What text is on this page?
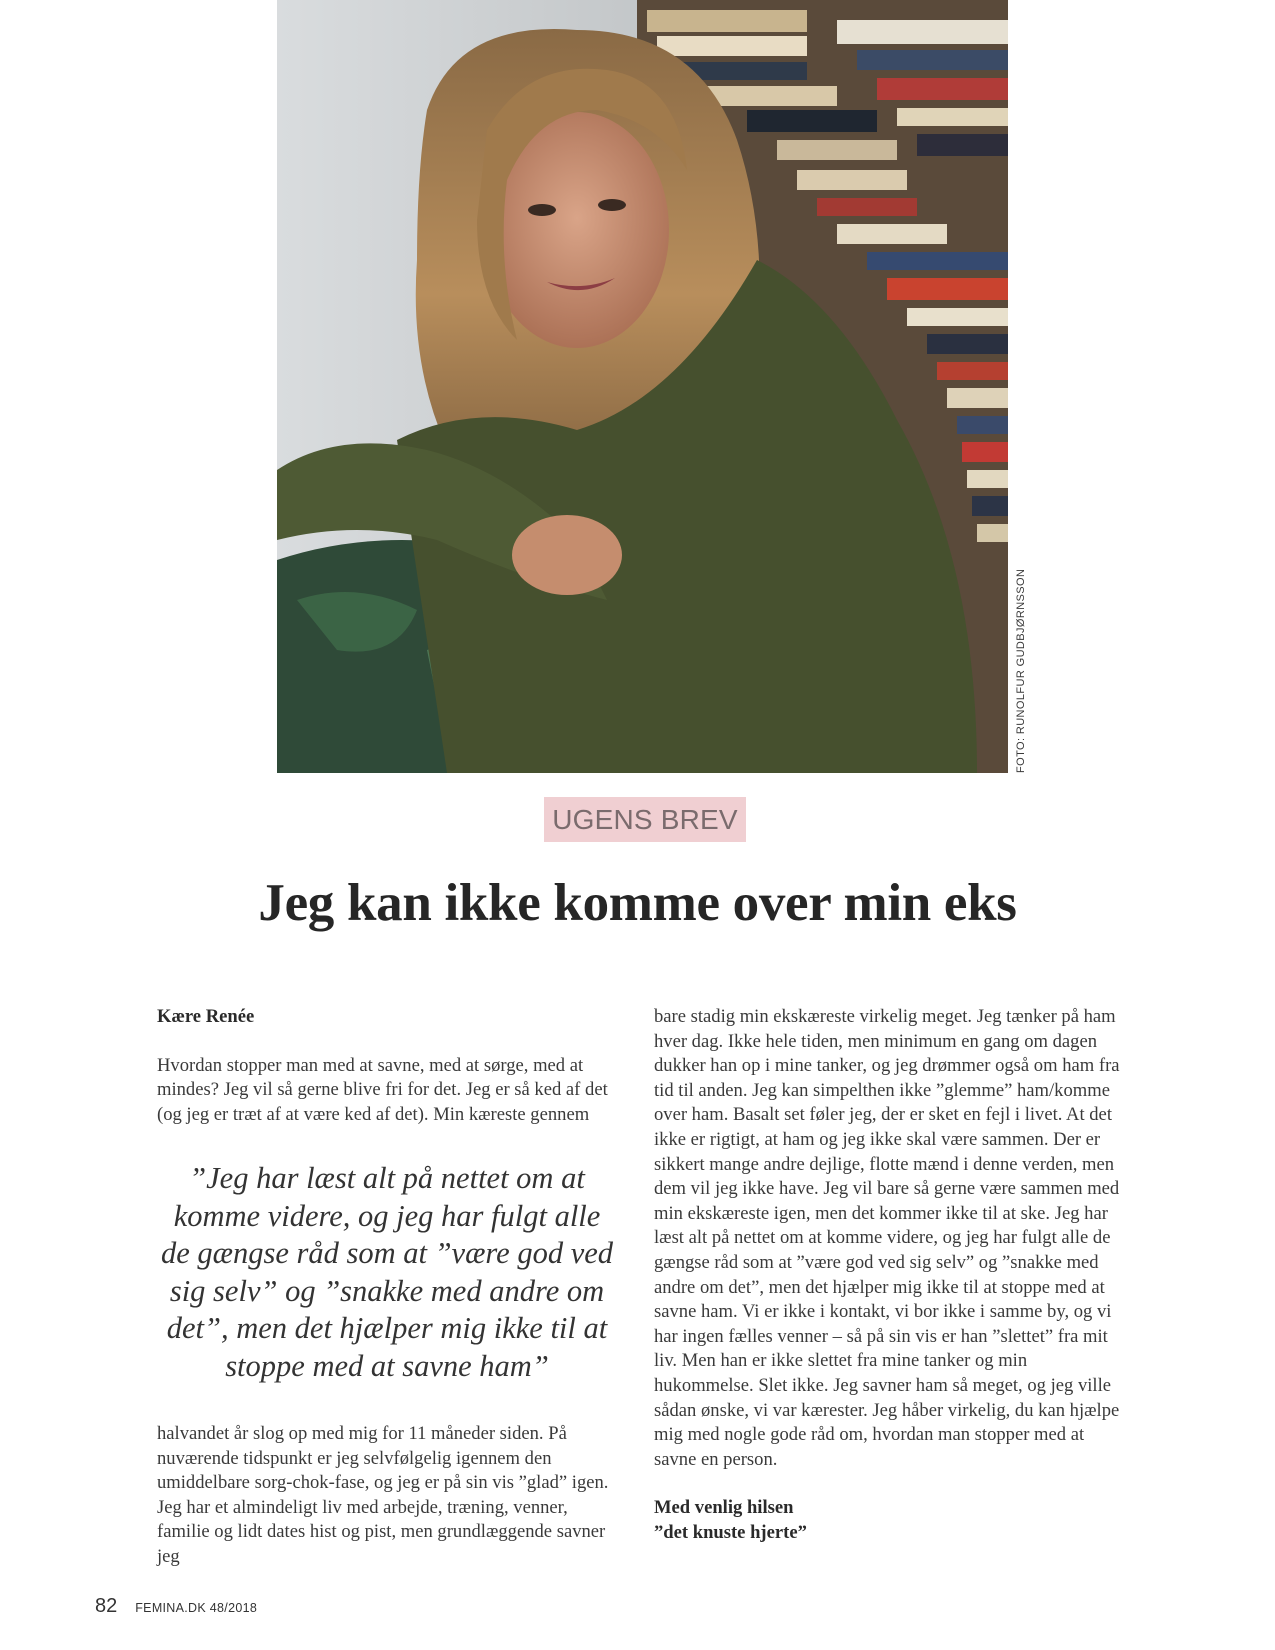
FOTO: RUNOLFUR GUDBJØRNSSON
UGENS BREV
Jeg kan ikke komme over min eks

Kære Renée

Hvordan stopper man med at savne, med at sørge, med at mindes? Jeg vil så gerne blive fri for det. Jeg er så ked af det (og jeg er træt af at være ked af det). Min kæreste gennem

”Jeg har læst alt på nettet om at komme videre, og jeg har fulgt alle de gængse råd som at ”være god ved sig selv” og ”snakke med andre om det”, men det hjælper mig ikke til at stoppe med at savne ham”

halvandet år slog op med mig for 11 måneder siden. På nuværende tidspunkt er jeg selvfølgelig igennem den umiddelbare sorg-chok-fase, og jeg er på sin vis ”glad” igen. Jeg har et almindeligt liv med arbejde, træning, venner, familie og lidt dates hist og pist, men grundlæggende savner jeg

bare stadig min ekskæreste virkelig meget. Jeg tænker på ham hver dag. Ikke hele tiden, men minimum en gang om dagen dukker han op i mine tanker, og jeg drømmer også om ham fra tid til anden. Jeg kan simpelthen ikke ”glemme” ham/komme over ham. Basalt set føler jeg, der er sket en fejl i livet. At det ikke er rigtigt, at ham og jeg ikke skal være sammen. Der er sikkert mange andre dejlige, flotte mænd i denne verden, men dem vil jeg ikke have. Jeg vil bare så gerne være sammen med min ekskæreste igen, men det kommer ikke til at ske. Jeg har læst alt på nettet om at komme videre, og jeg har fulgt alle de gængse råd som at ”være god ved sig selv” og ”snakke med andre om det”, men det hjælper mig ikke til at stoppe med at savne ham. Vi er ikke i kontakt, vi bor ikke i samme by, og vi har ingen fælles venner – så på sin vis er han ”slettet” fra mit liv. Men han er ikke slettet fra mine tanker og min hukommelse. Slet ikke. Jeg savner ham så meget, og jeg ville sådan ønske, vi var kærester. Jeg håber virkelig, du kan hjælpe mig med nogle gode råd om, hvordan man stopper med at savne en person.

Med venlig hilsen
”det knuste hjerte”

82 FEMINA.DK 48/2018
